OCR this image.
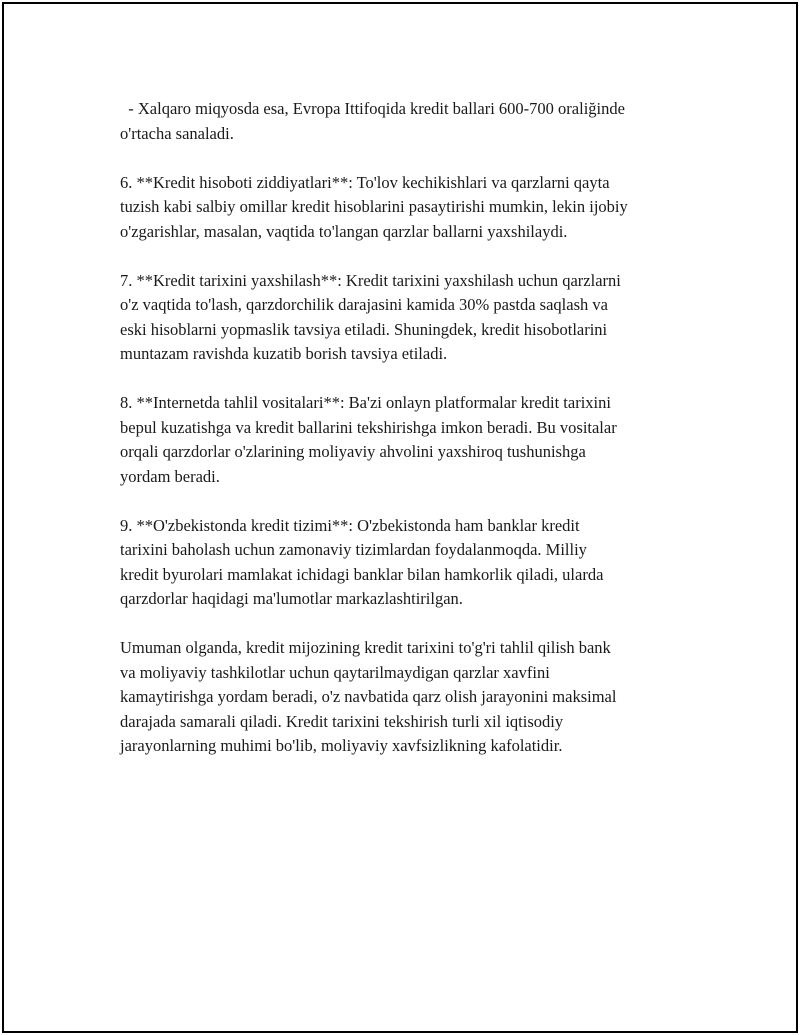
- Xalqaro miqyosda esa, Evropa Ittifoqida kredit ballari 600-700 oraliğinde
o'rtacha sanaladi.

6. **Kredit hisoboti ziddiyatlari**: To'lov kechikishlari va qarzlarni qayta
tuzish kabi salbiy omillar kredit hisoblarini pasaytirishi mumkin, lekin ijobiy
o'zgarishlar, masalan, vaqtida to'langan qarzlar ballarni yaxshilaydi.

7. **Kredit tarixini yaxshilash**: Kredit tarixini yaxshilash uchun qarzlarni
o'z vaqtida to'lash, qarzdorchilik darajasini kamida 30% pastda saqlash va
eski hisoblarni yopmaslik tavsiya etiladi. Shuningdek, kredit hisobotlarini
muntazam ravishda kuzatib borish tavsiya etiladi.

8. **Internetda tahlil vositalari**: Ba'zi onlayn platformalar kredit tarixini
bepul kuzatishga va kredit ballarini tekshirishga imkon beradi. Bu vositalar
orqali qarzdorlar o'zlarining moliyaviy ahvolini yaxshiroq tushunishga
yordam beradi.

9. **O'zbekistonda kredit tizimi**: O'zbekistonda ham banklar kredit
tarixini baholash uchun zamonaviy tizimlardan foydalanmoqda. Milliy
kredit byurolari mamlakat ichidagi banklar bilan hamkorlik qiladi, ularda
qarzdorlar haqidagi ma'lumotlar markazlashtirilgan.

Umuman olganda, kredit mijozining kredit tarixini to'g'ri tahlil qilish bank
va moliyaviy tashkilotlar uchun qaytarilmaydigan qarzlar xavfini
kamaytirishga yordam beradi, o'z navbatida qarz olish jarayonini maksimal
darajada samarali qiladi. Kredit tarixini tekshirish turli xil iqtisodiy
jarayonlarning muhimi bo'lib, moliyaviy xavfsizlikning kafolatidir.
